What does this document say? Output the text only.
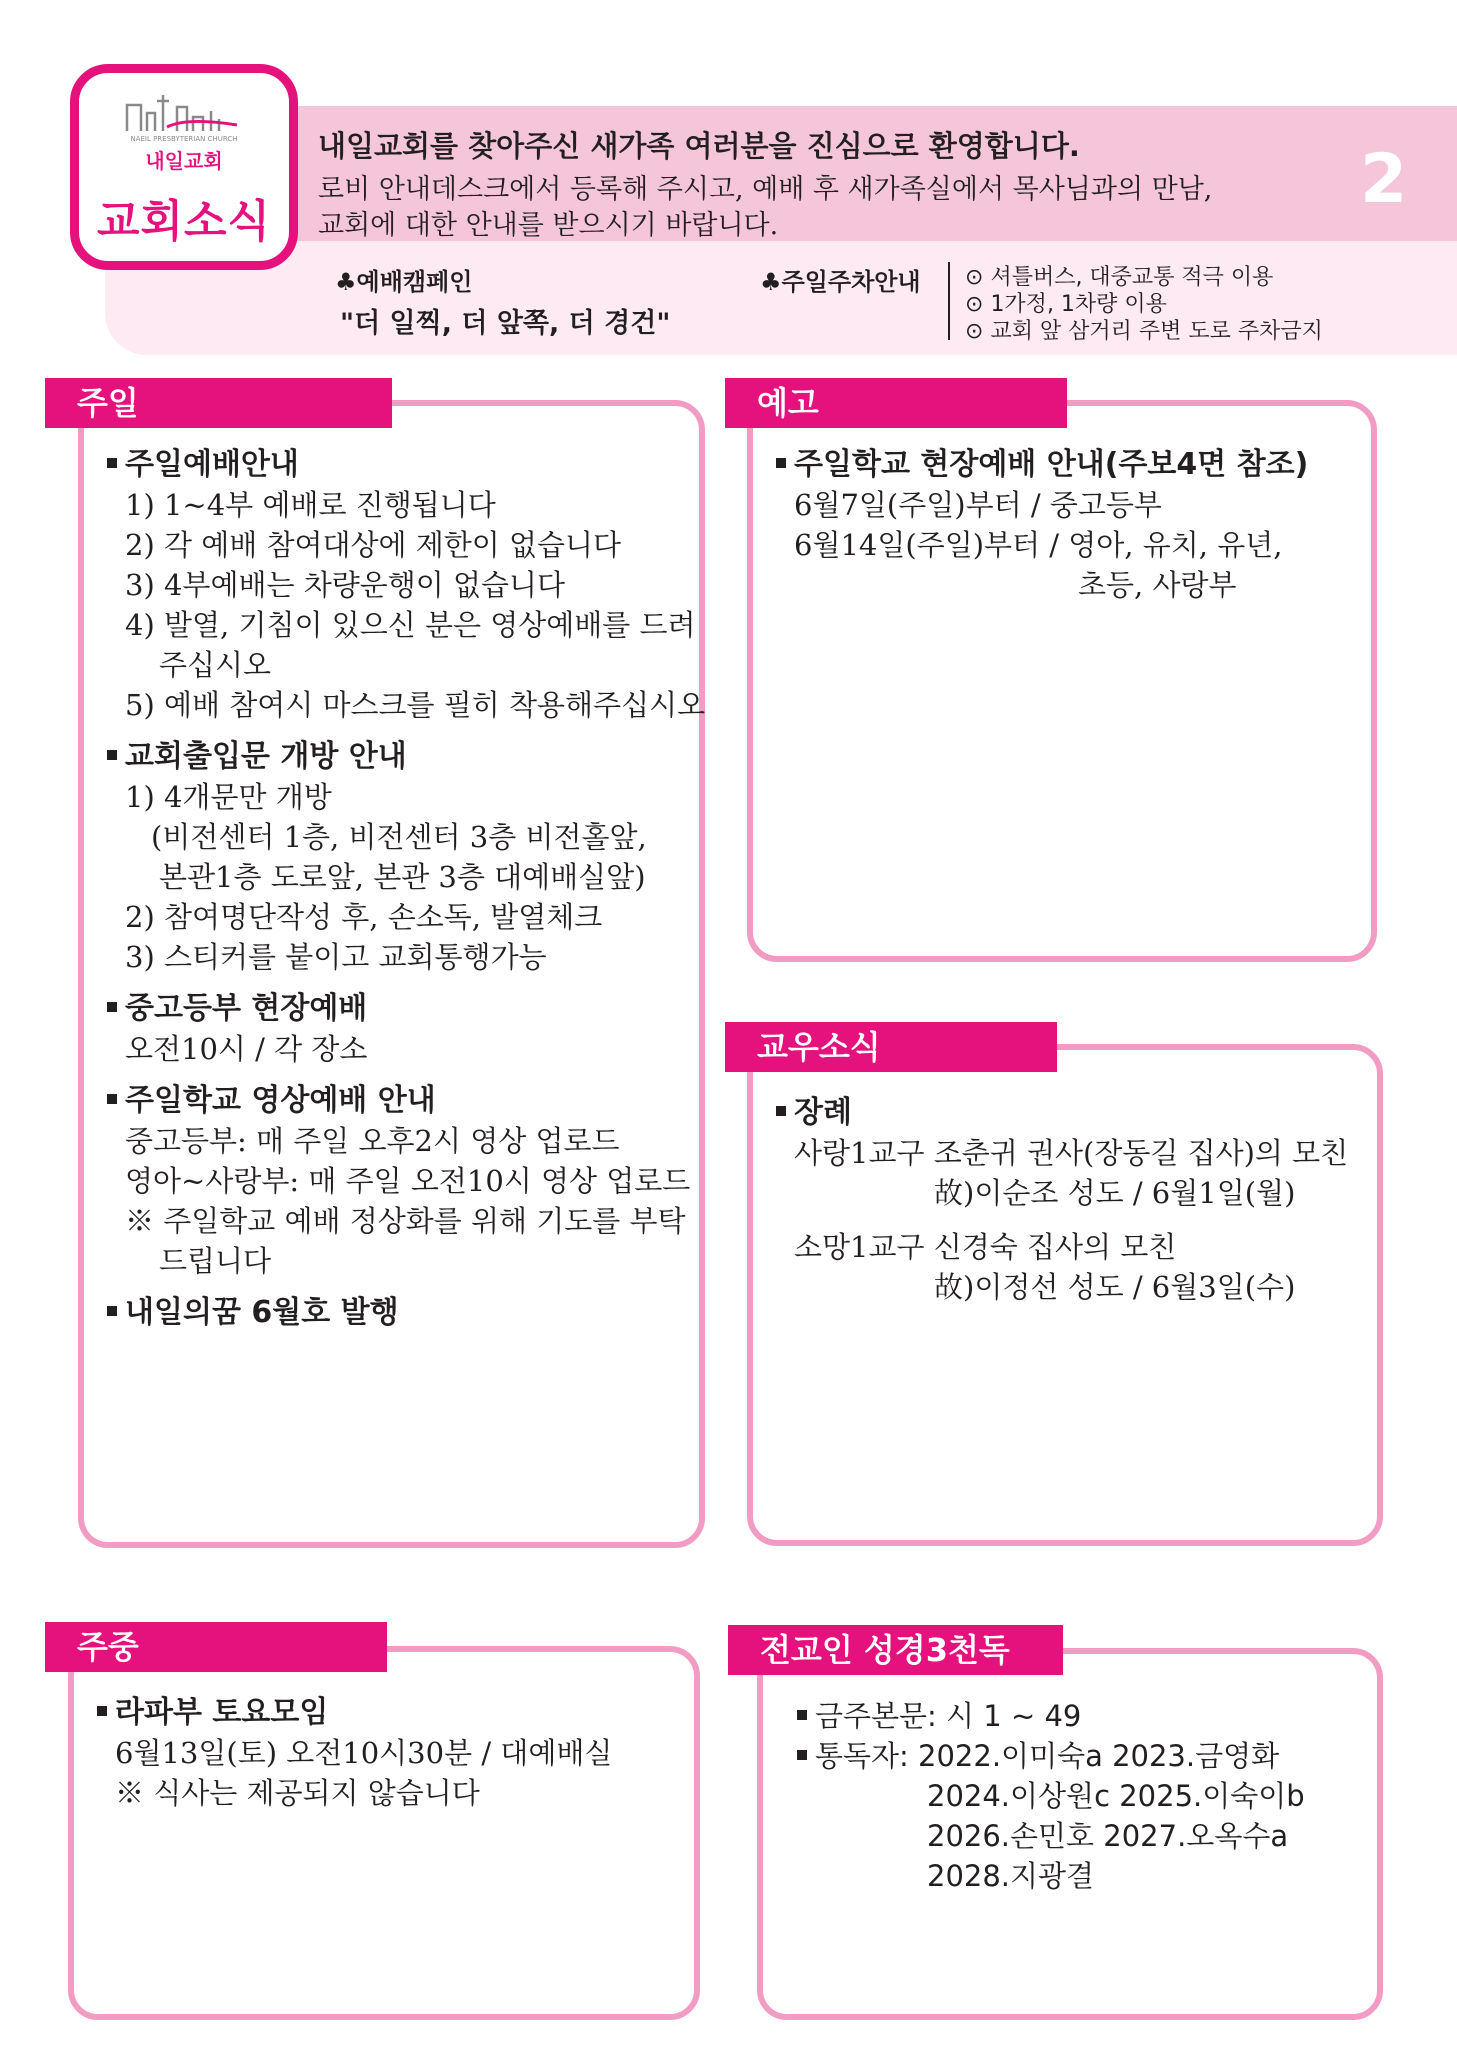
NAEIL PRESBYTERIAN CHURCH
내일교회
교회소식
내일교회를 찾아주신 새가족 여러분을 진심으로 환영합니다.
로비 안내데스크에서 등록해 주시고, 예배 후 새가족실에서 목사님과의 만남,
교회에 대한 안내를 받으시기 바랍니다.
2
♣예배캠페인
"더 일찍, 더 앞쪽, 더 경건"
♣주일주차안내 ⊙ 셔틀버스, 대중교통 적극 이용
⊙ 1가정, 1차량 이용
⊙ 교회 앞 삼거리 주변 도로 주차금지
주일
주일예배안내
1) 1~4부 예배로 진행됩니다
2) 각 예배 참여대상에 제한이 없습니다
3) 4부예배는 차량운행이 없습니다
4) 발열, 기침이 있으신 분은 영상예배를 드려
주십시오
5) 예배 참여시 마스크를 필히 착용해주십시오
교회출입문 개방 안내
1) 4개문만 개방
(비전센터 1층, 비전센터 3층 비전홀앞,
본관1층 도로앞, 본관 3층 대예배실앞)
2) 참여명단작성 후, 손소독, 발열체크
3) 스티커를 붙이고 교회통행가능
중고등부 현장예배
오전10시 / 각 장소
주일학교 영상예배 안내
중고등부: 매 주일 오후2시 영상 업로드
영아~사랑부: 매 주일 오전10시 영상 업로드
※ 주일학교 예배 정상화를 위해 기도를 부탁
드립니다
내일의꿈 6월호 발행
예고
주일학교 현장예배 안내(주보4면 참조)
6월7일(주일)부터 / 중고등부
6월14일(주일)부터 / 영아, 유치, 유년,
초등, 사랑부
교우소식
장례
사랑1교구 조춘귀 권사(장동길 집사)의 모친
故)이순조 성도 / 6월1일(월)
소망1교구 신경숙 집사의 모친
故)이정선 성도 / 6월3일(수)
주중
라파부 토요모임
6월13일(토) 오전10시30분 / 대예배실
※ 식사는 제공되지 않습니다
전교인 성경3천독
금주본문: 시 1 ~ 49
통독자: 2022.이미숙a 2023.금영화
2024.이상원c 2025.이숙이b
2026.손민호 2027.오옥수a
2028.지광결
